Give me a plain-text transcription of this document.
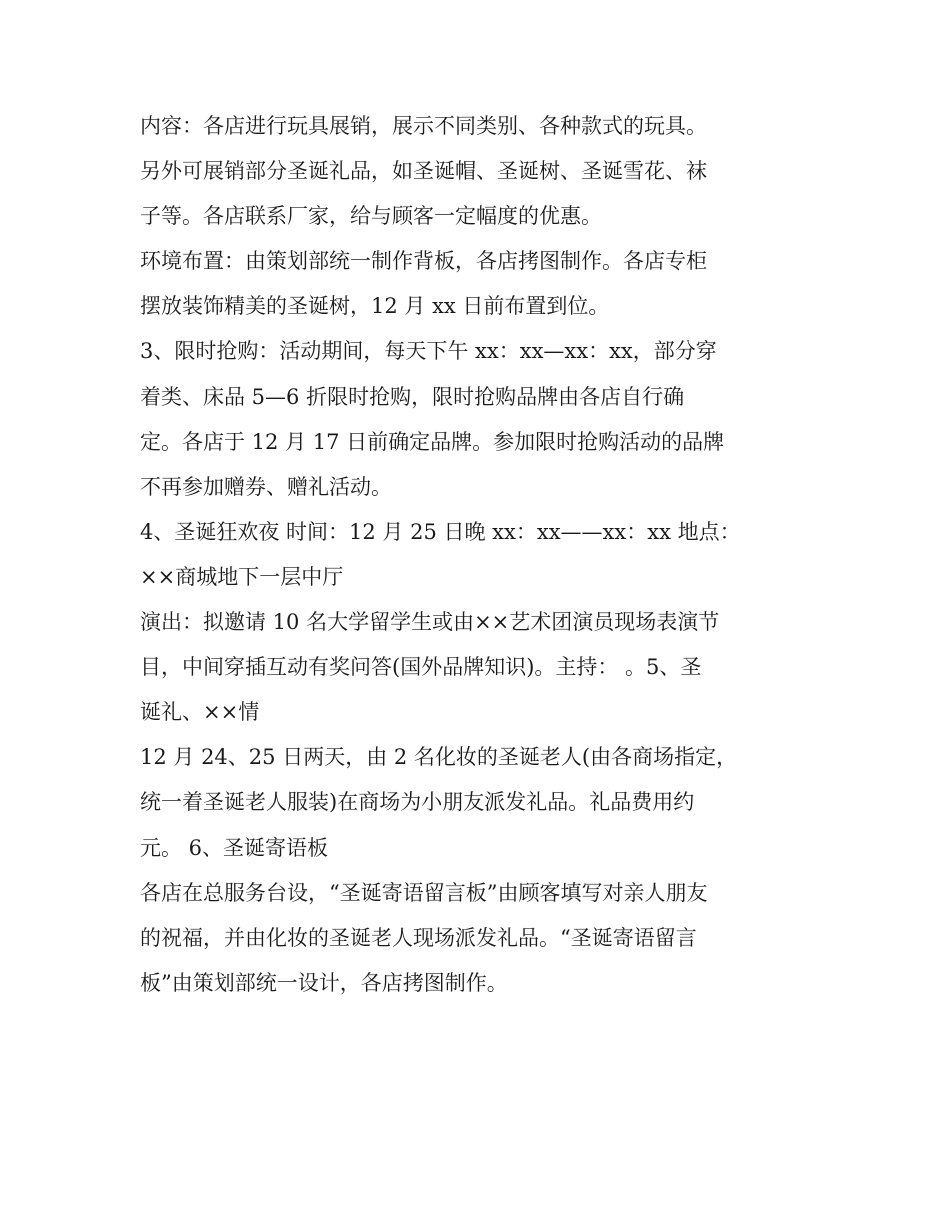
内容：各店进行玩具展销，展示不同类别、各种款式的玩具。
另外可展销部分圣诞礼品，如圣诞帽、圣诞树、圣诞雪花、袜
子等。各店联系厂家，给与顾客一定幅度的优惠。
环境布置：由策划部统一制作背板，各店拷图制作。各店专柜
摆放装饰精美的圣诞树，12 月 xx 日前布置到位。
3、限时抢购：活动期间，每天下午 xx：xx—xx：xx，部分穿
着类、床品 5—6 折限时抢购，限时抢购品牌由各店自行确
定。各店于 12 月 17 日前确定品牌。参加限时抢购活动的品牌
不再参加赠券、赠礼活动。
4、圣诞狂欢夜 时间：12 月 25 日晚 xx：xx——xx：xx 地点：
××商城地下一层中厅
演出：拟邀请 10 名大学留学生或由××艺术团演员现场表演节
目，中间穿插互动有奖问答(国外品牌知识)。主持： 。5、圣
诞礼、××情
12 月 24、25 日两天，由 2 名化妆的圣诞老人(由各商场指定，
统一着圣诞老人服装)在商场为小朋友派发礼品。礼品费用约
元。 6、圣诞寄语板
各店在总服务台设，“圣诞寄语留言板”由顾客填写对亲人朋友
的祝福，并由化妆的圣诞老人现场派发礼品。“圣诞寄语留言
板”由策划部统一设计，各店拷图制作。
